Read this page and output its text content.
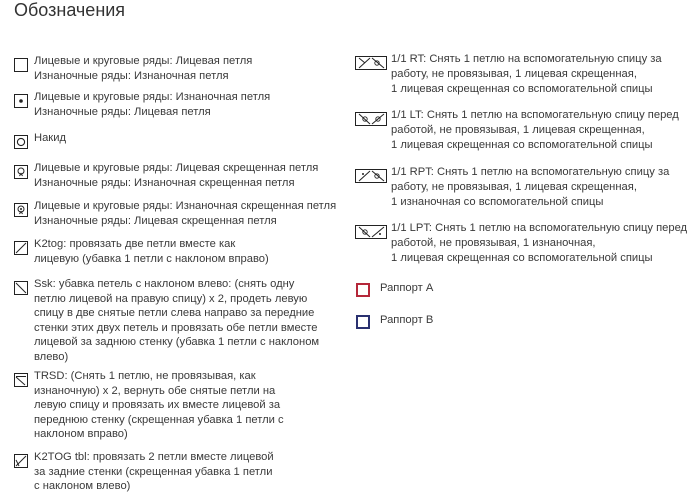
Обозначения
Лицевые и круговые ряды: Лицевая петля
Изнаночные ряды: Изнаночная петля
Лицевые и круговые ряды: Изнаночная петля
Изнаночные ряды: Лицевая петля
Накид
Лицевые и круговые ряды: Лицевая скрещенная петля
Изнаночные ряды: Изнаночная скрещенная петля
Лицевые и круговые ряды: Изнаночная скрещенная петля
Изнаночные ряды: Лицевая скрещенная петля
K2tog: провязать две петли вместе как
лицевую (убавка 1 петли с наклоном вправо)
Ssk: убавка петель с наклоном влево: (снять одну
петлю лицевой на правую спицу) х 2, продеть левую
спицу в две снятые петли слева направо за передние
стенки этих двух петель и провязать обе петли вместе
лицевой за заднюю стенку (убавка 1 петли с наклоном
влево)
TRSD: (Снять 1 петлю, не провязывая, как
изнаночную) х 2, вернуть обе снятые петли на
левую спицу и провязать их вместе лицевой за
переднюю стенку (скрещенная убавка 1 петли с
наклоном вправо)
K2TOG tbl: провязать 2 петли вместе лицевой
за задние стенки (скрещенная убавка 1 петли
с наклоном влево)
1/1 RT: Снять 1 петлю на вспомогательную спицу за
работу, не провязывая, 1 лицевая скрещенная,
1 лицевая скрещенная со вспомогательной спицы
1/1 LT: Снять 1 петлю на вспомогательную спицу перед
работой, не провязывая, 1 лицевая скрещенная,
1 лицевая скрещенная со вспомогательной спицы
1/1 RPT: Снять 1 петлю на вспомогательную спицу за
работу, не провязывая, 1 лицевая скрещенная,
1 изнаночная со вспомогательной спицы
1/1 LPT: Снять 1 петлю на вспомогательную спицу перед
работой, не провязывая, 1 изнаночная,
1 лицевая скрещенная со вспомогательной спицы
Раппорт A
Раппорт B
